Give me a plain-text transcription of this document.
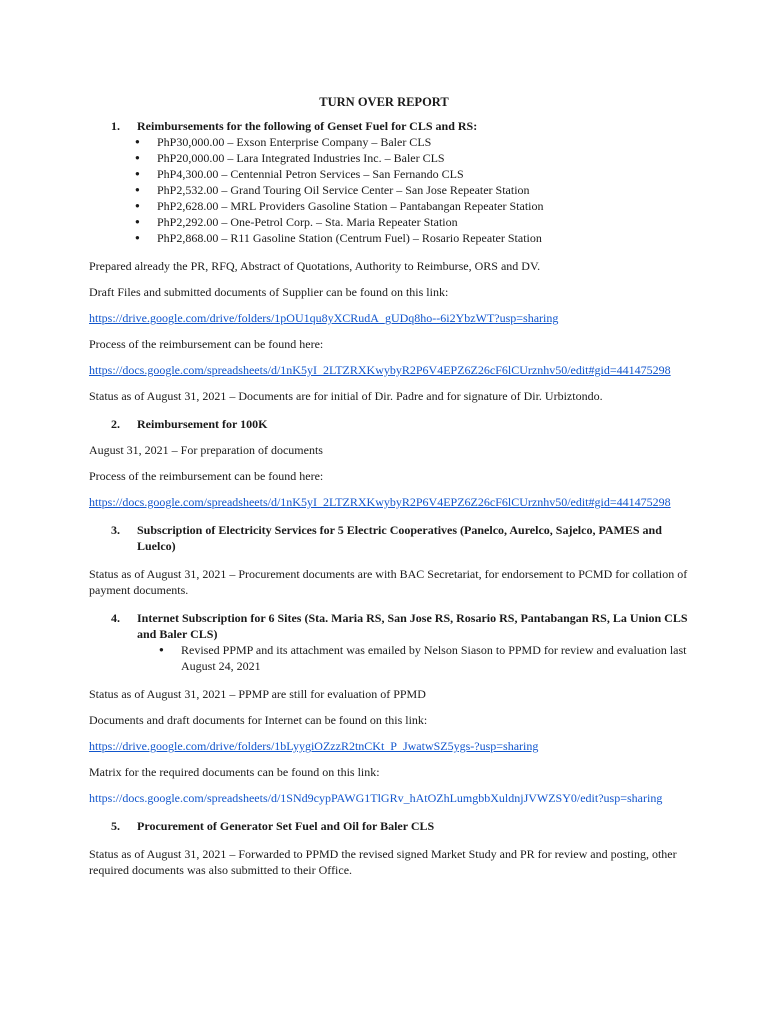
TURN OVER REPORT
1.	Reimbursements for the following of Genset Fuel for CLS and RS:
● PhP30,000.00 – Exson Enterprise Company – Baler CLS
● PhP20,000.00 – Lara Integrated Industries Inc. – Baler CLS
● PhP4,300.00 – Centennial Petron Services – San Fernando CLS
● PhP2,532.00 – Grand Touring Oil Service Center – San Jose Repeater Station
● PhP2,628.00 – MRL Providers Gasoline Station – Pantabangan Repeater Station
● PhP2,292.00 – One-Petrol Corp. – Sta. Maria Repeater Station
● PhP2,868.00 – R11 Gasoline Station (Centrum Fuel) – Rosario Repeater Station

Prepared already the PR, RFQ, Abstract of Quotations, Authority to Reimburse, ORS and DV.

Draft Files and submitted documents of Supplier can be found on this link:

https://drive.google.com/drive/folders/1pOU1qu8yXCRudA_gUDq8ho--6i2YbzWT?usp=sharing

Process of the reimbursement can be found here:

https://docs.google.com/spreadsheets/d/1nK5yI_2LTZRXKwybyR2P6V4EPZ6Z26cF6lCUrznhv50/edit#gid=441475298

Status as of August 31, 2021 – Documents are for initial of Dir. Padre and for signature of Dir. Urbiztondo.

2.	Reimbursement for 100K

August 31, 2021 – For preparation of documents

Process of the reimbursement can be found here:

https://docs.google.com/spreadsheets/d/1nK5yI_2LTZRXKwybyR2P6V4EPZ6Z26cF6lCUrznhv50/edit#gid=441475298

3.	Subscription of Electricity Services for 5 Electric Cooperatives (Panelco, Aurelco, Sajelco, PAMES and Luelco)

Status as of August 31, 2021 – Procurement documents are with BAC Secretariat, for endorsement to PCMD for collation of payment documents.

4.	Internet Subscription for 6 Sites (Sta. Maria RS, San Jose RS, Rosario RS, Pantabangan RS, La Union CLS and Baler CLS)
● Revised PPMP and its attachment was emailed by Nelson Siason to PPMD for review and evaluation last August 24, 2021

Status as of August 31, 2021 – PPMP are still for evaluation of PPMD

Documents and draft documents for Internet can be found on this link:

https://drive.google.com/drive/folders/1bLyygiOZzzR2tnCKt_P_JwatwSZ5ygs-?usp=sharing

Matrix for the required documents can be found on this link:

https://docs.google.com/spreadsheets/d/1SNd9cypPAWG1TlGRv_hAtOZhLumgbbXuldnjJVWZSY0/edit?usp=sharing

5.	Procurement of Generator Set Fuel and Oil for Baler CLS

Status as of August 31, 2021 – Forwarded to PPMD the revised signed Market Study and PR for review and posting, other required documents was also submitted to their Office.
